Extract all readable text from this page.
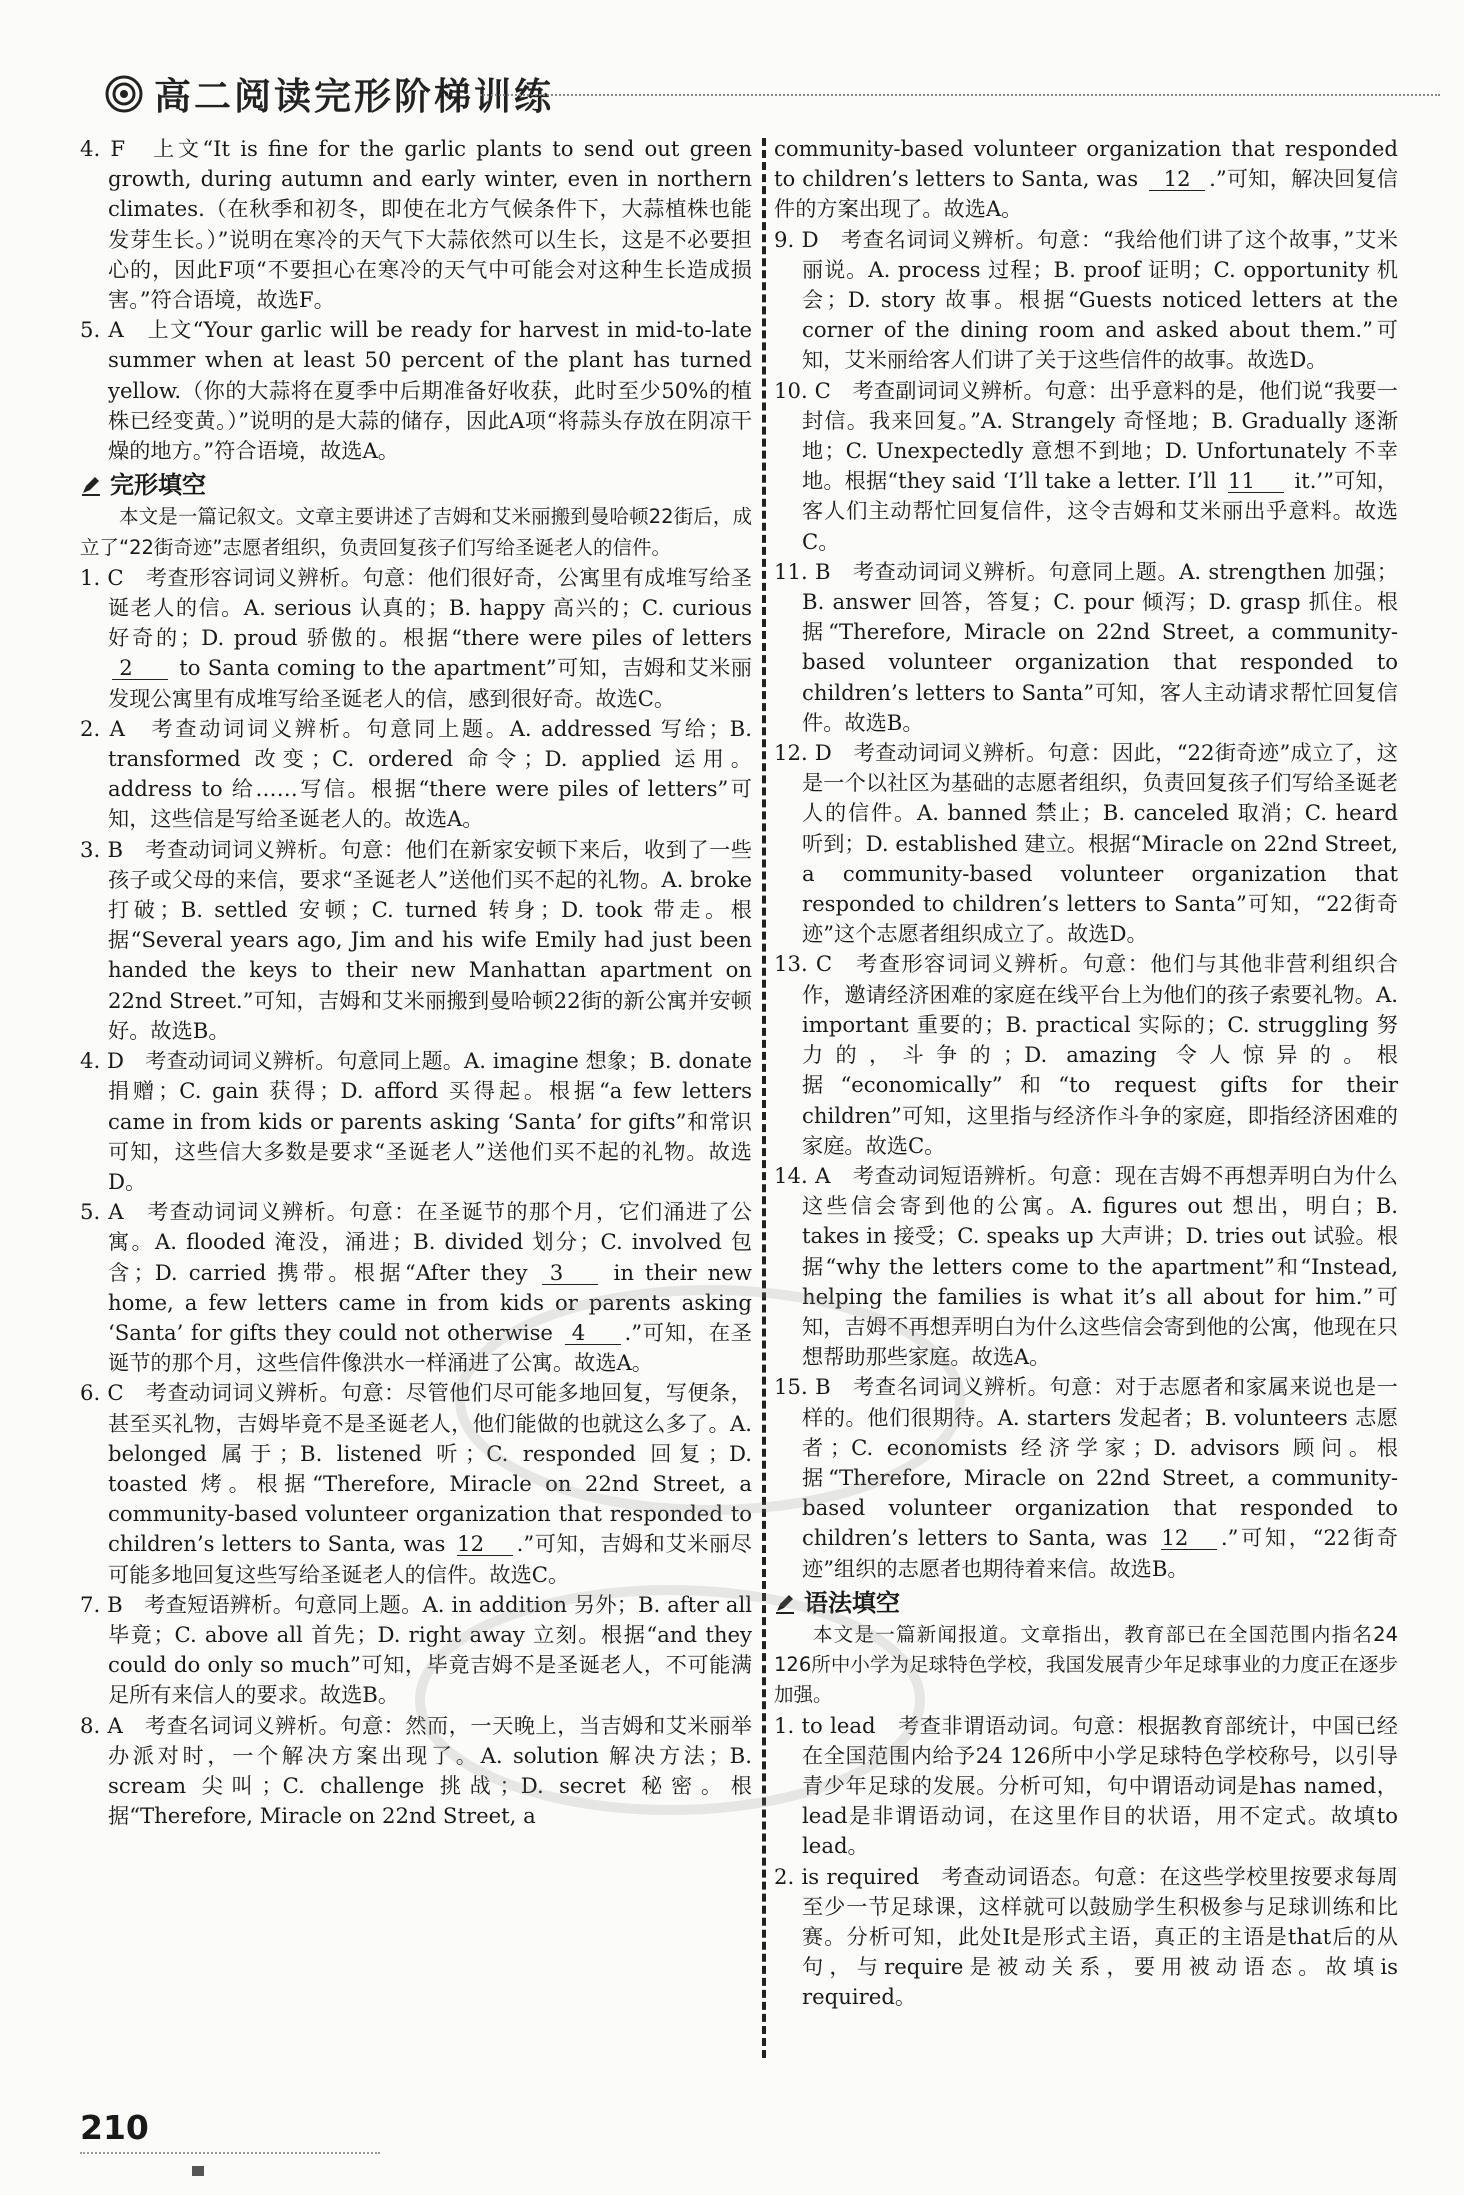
高二阅读完形阶梯训练

4. F　上文“It is fine for the garlic plants to send out green growth, during autumn and early winter, even in northern climates.（在秋季和初冬，即使在北方气候条件下，大蒜植株也能发芽生长。）”说明在寒冷的天气下大蒜依然可以生长，这是不必要担心的，因此F项“不要担心在寒冷的天气中可能会对这种生长造成损害。”符合语境，故选F。

5. A　上文“Your garlic will be ready for harvest in mid-to-late summer when at least 50 percent of the plant has turned yellow.（你的大蒜将在夏季中后期准备好收获，此时至少50%的植株已经变黄。）”说明的是大蒜的储存，因此A项“将蒜头存放在阴凉干燥的地方。”符合语境，故选A。

完形填空

本文是一篇记叙文。文章主要讲述了吉姆和艾米丽搬到曼哈顿22街后，成立了“22街奇迹”志愿者组织，负责回复孩子们写给圣诞老人的信件。

1. C　考查形容词词义辨析。句意：他们很好奇，公寓里有成堆写给圣诞老人的信。A. serious 认真的；B. happy 高兴的；C. curious 好奇的；D. proud 骄傲的。根据“there were piles of letters 2 to Santa coming to the apartment”可知，吉姆和艾米丽发现公寓里有成堆写给圣诞老人的信，感到很好奇。故选C。

2. A　考查动词词义辨析。句意同上题。A. addressed 写给；B. transformed 改变；C. ordered 命令；D. applied 运用。address to 给……写信。根据“there were piles of letters”可知，这些信是写给圣诞老人的。故选A。

3. B　考查动词词义辨析。句意：他们在新家安顿下来后，收到了一些孩子或父母的来信，要求“圣诞老人”送他们买不起的礼物。A. broke 打破；B. settled 安顿；C. turned 转身；D. took 带走。根据“Several years ago, Jim and his wife Emily had just been handed the keys to their new Manhattan apartment on 22nd Street.”可知，吉姆和艾米丽搬到曼哈顿22街的新公寓并安顿好。故选B。

4. D　考查动词词义辨析。句意同上题。A. imagine 想象；B. donate 捐赠；C. gain 获得；D. afford 买得起。根据“a few letters came in from kids or parents asking ‘Santa’ for gifts”和常识可知，这些信大多数是要求“圣诞老人”送他们买不起的礼物。故选D。

5. A　考查动词词义辨析。句意：在圣诞节的那个月，它们涌进了公寓。A. flooded 淹没，涌进；B. divided 划分；C. involved 包含；D. carried 携带。根据“After they 3 in their new home, a few letters came in from kids or parents asking ‘Santa’ for gifts they could not otherwise 4 .”可知，在圣诞节的那个月，这些信件像洪水一样涌进了公寓。故选A。

6. C　考查动词词义辨析。句意：尽管他们尽可能多地回复，写便条，甚至买礼物，吉姆毕竟不是圣诞老人，他们能做的也就这么多了。A. belonged 属于；B. listened 听；C. responded 回复；D. toasted 烤。根据“Therefore, Miracle on 22nd Street, a community-based volunteer organization that responded to children’s letters to Santa, was 12 .”可知，吉姆和艾米丽尽可能多地回复这些写给圣诞老人的信件。故选C。

7. B　考查短语辨析。句意同上题。A. in addition 另外；B. after all 毕竟；C. above all 首先；D. right away 立刻。根据“and they could do only so much”可知，毕竟吉姆不是圣诞老人，不可能满足所有来信人的要求。故选B。

8. A　考查名词词义辨析。句意：然而，一天晚上，当吉姆和艾米丽举办派对时，一个解决方案出现了。A. solution 解决方法；B. scream 尖叫；C. challenge 挑战；D. secret 秘密。根据“Therefore, Miracle on 22nd Street, a

community-based volunteer organization that responded to children’s letters to Santa, was 12 .”可知，解决回复信件的方案出现了。故选A。

9. D　考查名词词义辨析。句意：“我给他们讲了这个故事，”艾米丽说。A. process 过程；B. proof 证明；C. opportunity 机会；D. story 故事。根据“Guests noticed letters at the corner of the dining room and asked about them.”可知，艾米丽给客人们讲了关于这些信件的故事。故选D。

10. C　考查副词词义辨析。句意：出乎意料的是，他们说“我要一封信。我来回复。”A. Strangely 奇怪地；B. Gradually 逐渐地；C. Unexpectedly 意想不到地；D. Unfortunately 不幸地。根据“they said ‘I’ll take a letter. I’ll 11 it.’”可知，客人们主动帮忙回复信件，这令吉姆和艾米丽出乎意料。故选C。

11. B　考查动词词义辨析。句意同上题。A. strengthen 加强；B. answer 回答，答复；C. pour 倾泻；D. grasp 抓住。根据“Therefore, Miracle on 22nd Street, a community-based volunteer organization that responded to children’s letters to Santa”可知，客人主动请求帮忙回复信件。故选B。

12. D　考查动词词义辨析。句意：因此，“22街奇迹”成立了，这是一个以社区为基础的志愿者组织，负责回复孩子们写给圣诞老人的信件。A. banned 禁止；B. canceled 取消；C. heard 听到；D. established 建立。根据“Miracle on 22nd Street, a community-based volunteer organization that responded to children’s letters to Santa”可知，“22街奇迹”这个志愿者组织成立了。故选D。

13. C　考查形容词词义辨析。句意：他们与其他非营利组织合作，邀请经济困难的家庭在线平台上为他们的孩子索要礼物。A. important 重要的；B. practical 实际的；C. struggling 努力的，斗争的；D. amazing 令人惊异的。根据“economically”和“to request gifts for their children”可知，这里指与经济作斗争的家庭，即指经济困难的家庭。故选C。

14. A　考查动词短语辨析。句意：现在吉姆不再想弄明白为什么这些信会寄到他的公寓。A. figures out 想出，明白；B. takes in 接受；C. speaks up 大声讲；D. tries out 试验。根据“why the letters come to the apartment”和“Instead, helping the families is what it’s all about for him.”可知，吉姆不再想弄明白为什么这些信会寄到他的公寓，他现在只想帮助那些家庭。故选A。

15. B　考查名词词义辨析。句意：对于志愿者和家属来说也是一样的。他们很期待。A. starters 发起者；B. volunteers 志愿者；C. economists 经济学家；D. advisors 顾问。根据“Therefore, Miracle on 22nd Street, a community-based volunteer organization that responded to children’s letters to Santa, was 12 .”可知，“22街奇迹”组织的志愿者也期待着来信。故选B。

语法填空

本文是一篇新闻报道。文章指出，教育部已在全国范围内指名24 126所中小学为足球特色学校，我国发展青少年足球事业的力度正在逐步加强。

1. to lead　考查非谓语动词。句意：根据教育部统计，中国已经在全国范围内给予24 126所中小学足球特色学校称号，以引导青少年足球的发展。分析可知，句中谓语动词是has named，lead是非谓语动词，在这里作目的状语，用不定式。故填to lead。

2. is required　考查动词语态。句意：在这些学校里按要求每周至少一节足球课，这样就可以鼓励学生积极参与足球训练和比赛。分析可知，此处It是形式主语，真正的主语是that后的从句，与require是被动关系，要用被动语态。故填is required。

210
